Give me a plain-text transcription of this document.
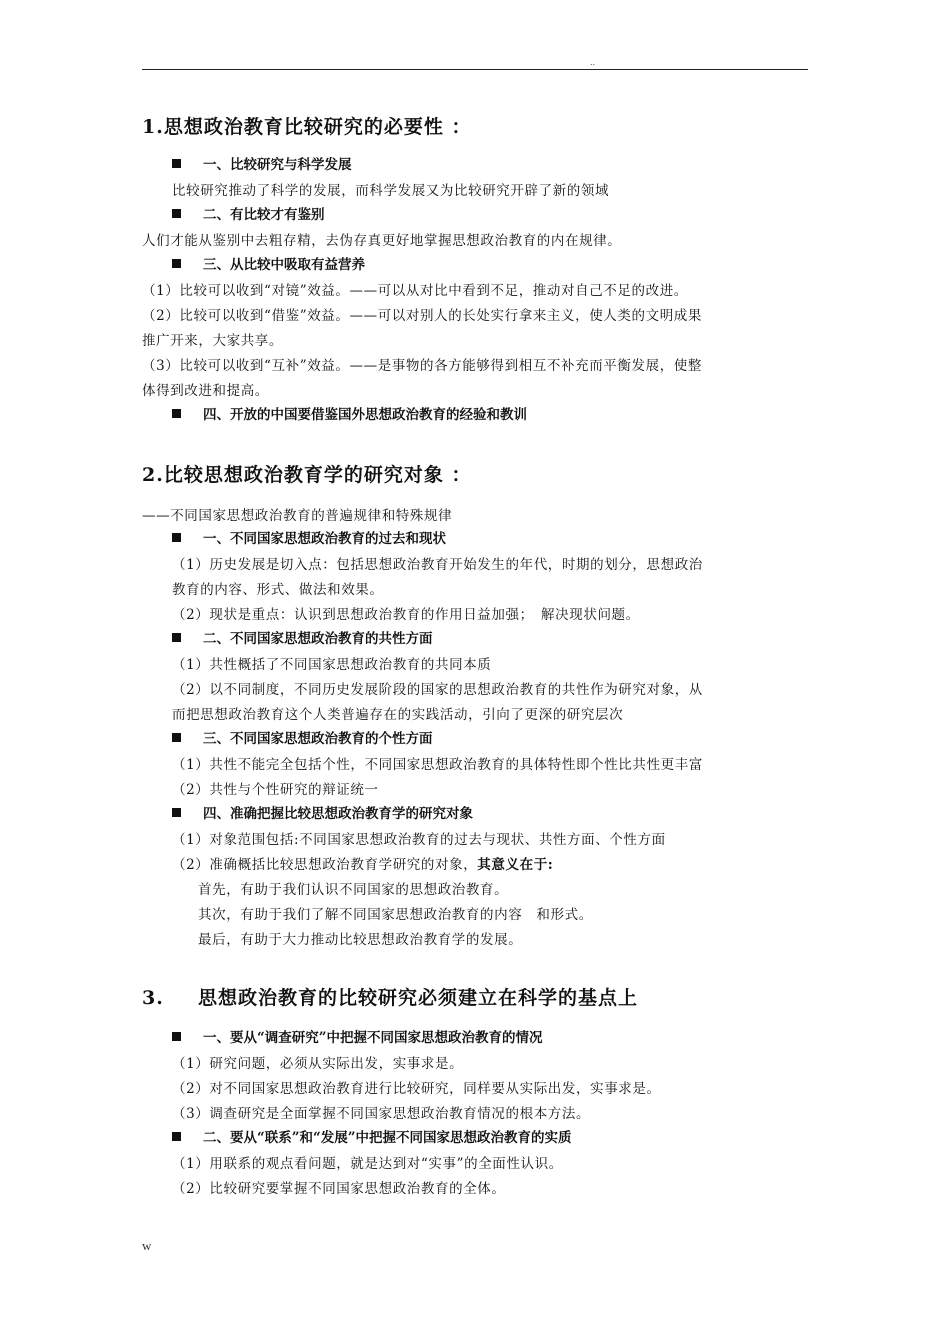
..
1.思想政治教育比较研究的必要性 ：
一、比较研究与科学发展
比较研究推动了科学的发展，而科学发展又为比较研究开辟了新的领域
二、有比较才有鉴别
人们才能从鉴别中去粗存精，去伪存真更好地掌握思想政治教育的内在规律。
三、从比较中吸取有益营养
（1）比较可以收到“对镜”效益。——可以从对比中看到不足，推动对自己不足的改进。
（2）比较可以收到“借鉴”效益。——可以对别人的长处实行拿来主义，使人类的文明成果
推广开来，大家共享。
（3）比较可以收到“互补”效益。——是事物的各方能够得到相互不补充而平衡发展，使整
体得到改进和提高。
四、开放的中国要借鉴国外思想政治教育的经验和教训
2.比较思想政治教育学的研究对象 ：
——不同国家思想政治教育的普遍规律和特殊规律
一、不同国家思想政治教育的过去和现状
（1）历史发展是切入点：包括思想政治教育开始发生的年代，时期的划分，思想政治
教育的内容、形式、做法和效果。
（2）现状是重点：认识到思想政治教育的作用日益加强；　解决现状问题。
二、不同国家思想政治教育的共性方面
（1）共性概括了不同国家思想政治教育的共同本质
（2）以不同制度，不同历史发展阶段的国家的思想政治教育的共性作为研究对象，从
而把思想政治教育这个人类普遍存在的实践活动，引向了更深的研究层次
三、不同国家思想政治教育的个性方面
（1）共性不能完全包括个性，不同国家思想政治教育的具体特性即个性比共性更丰富
（2）共性与个性研究的辩证统一
四、准确把握比较思想政治教育学的研究对象
（1）对象范围包括:不同国家思想政治教育的过去与现状、共性方面、个性方面
（2）准确概括比较思想政治教育学研究的对象，其意义在于:
首先，有助于我们认识不同国家的思想政治教育。
其次，有助于我们了解不同国家思想政治教育的内容　和形式。
最后，有助于大力推动比较思想政治教育学的发展。
3. 思想政治教育的比较研究必须建立在科学的基点上
一、要从“调查研究”中把握不同国家思想政治教育的情况
（1）研究问题，必须从实际出发，实事求是。
（2）对不同国家思想政治教育进行比较研究，同样要从实际出发，实事求是。
（3）调查研究是全面掌握不同国家思想政治教育情况的根本方法。
二、要从“联系”和“发展”中把握不同国家思想政治教育的实质
（1）用联系的观点看问题，就是达到对“实事”的全面性认识。
（2）比较研究要掌握不同国家思想政治教育的全体。
w
